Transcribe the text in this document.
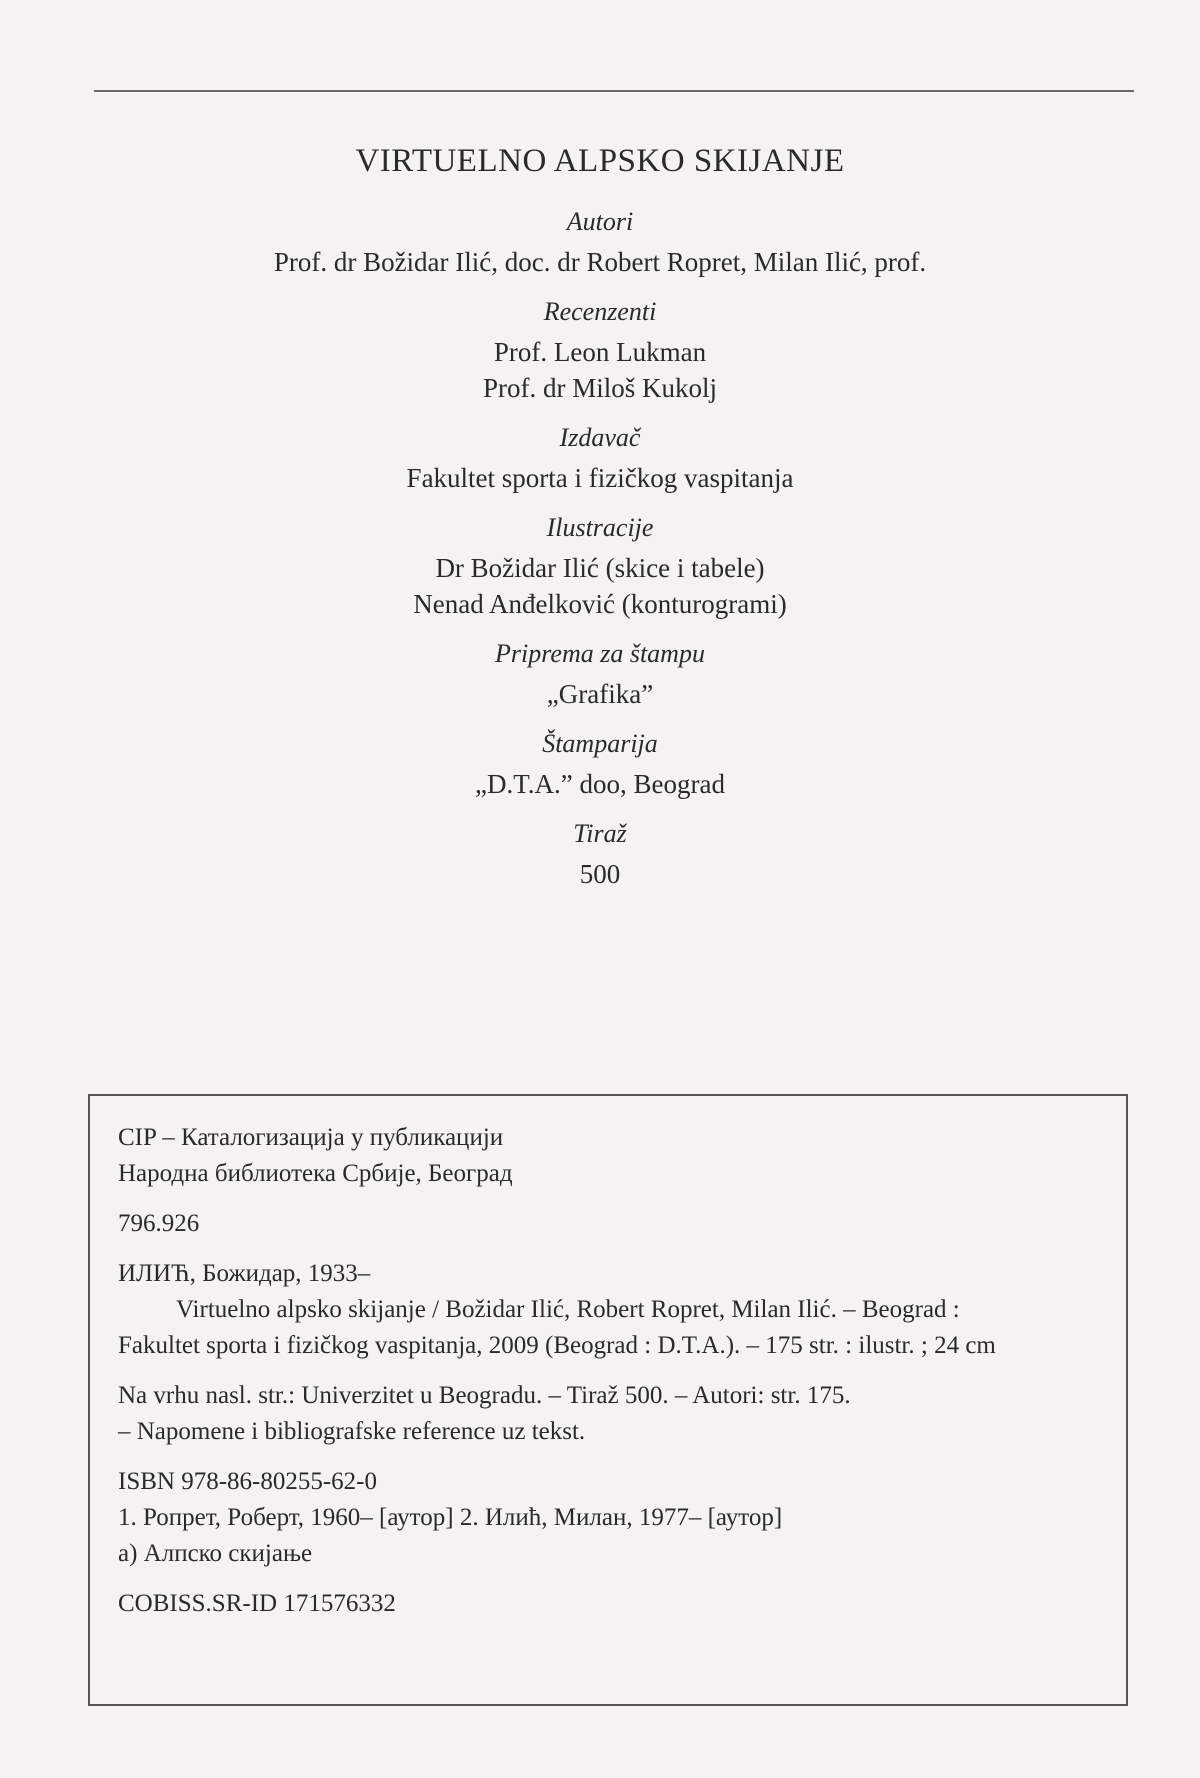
VIRTUELNO ALPSKO SKIJANJE
Autori
Prof. dr Božidar Ilić, doc. dr Robert Ropret, Milan Ilić, prof.
Recenzenti
Prof. Leon Lukman
Prof. dr Miloš Kukolj
Izdavač
Fakultet sporta i fizičkog vaspitanja
Ilustracije
Dr Božidar Ilić (skice i tabele)
Nenad Anđelković (konturogrami)
Priprema za štampu
„Grafika”
Štamparija
„D.T.A.” doo, Beograd
Tiraž
500
CIP – Каталогизација у публикацији
Народна библиотека Србије, Београд
796.926
ИЛИЋ, Божидар, 1933–
Virtuelno alpsko skijanje / Božidar Ilić, Robert Ropret, Milan Ilić. – Beograd :
Fakultet sporta i fizičkog vaspitanja, 2009 (Beograd : D.T.A.). – 175 str. : ilustr. ; 24 cm
Na vrhu nasl. str.: Univerzitet u Beogradu. – Tiraž 500. – Autori: str. 175.
– Napomene i bibliografske reference uz tekst.
ISBN 978-86-80255-62-0
1. Ропрет, Роберт, 1960– [аутор] 2. Илић, Милан, 1977– [аутор]
а) Алпско скијање
COBISS.SR-ID 171576332
